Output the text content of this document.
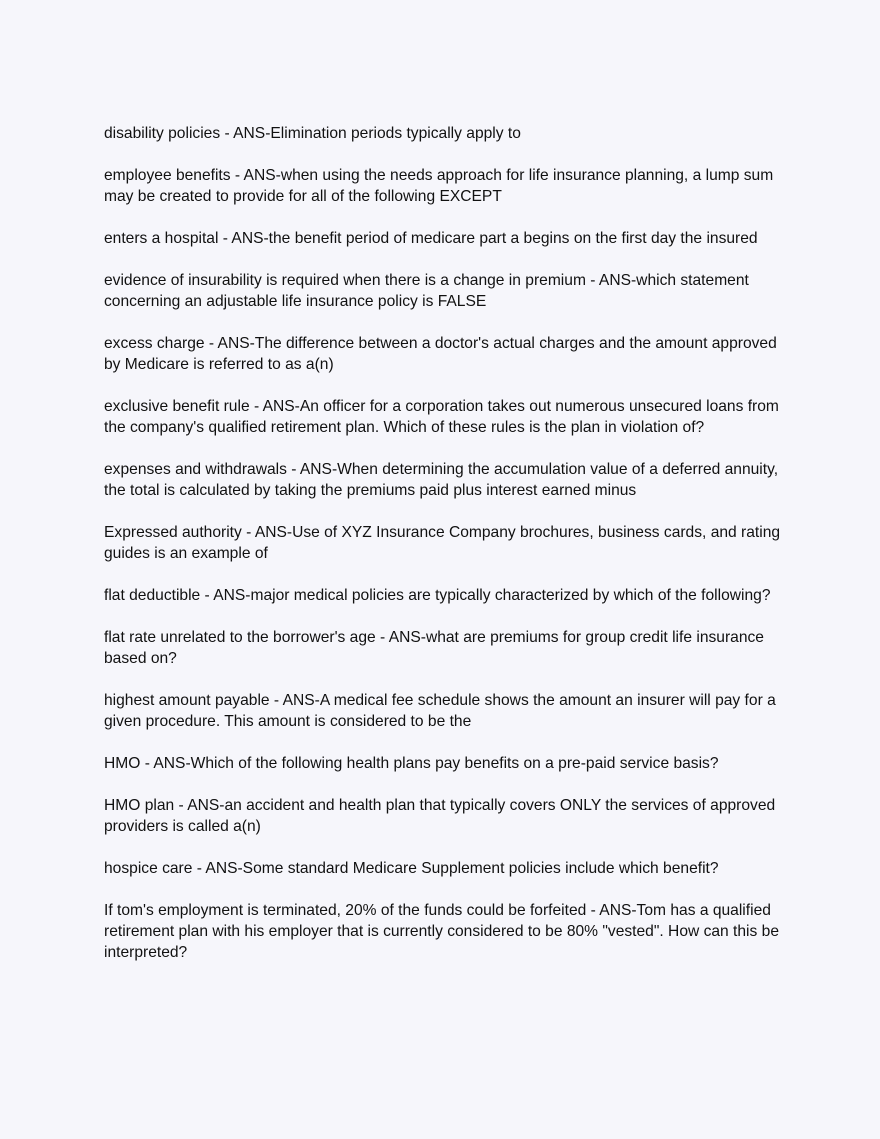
disability policies - ANS-Elimination periods typically apply to

employee benefits - ANS-when using the needs approach for life insurance planning, a lump sum may be created to provide for all of the following EXCEPT

enters a hospital - ANS-the benefit period of medicare part a begins on the first day the insured

evidence of insurability is required when there is a change in premium - ANS-which statement concerning an adjustable life insurance policy is FALSE

excess charge - ANS-The difference between a doctor's actual charges and the amount approved by Medicare is referred to as a(n)

exclusive benefit rule - ANS-An officer for a corporation takes out numerous unsecured loans from the company's qualified retirement plan. Which of these rules is the plan in violation of?

expenses and withdrawals - ANS-When determining the accumulation value of a deferred annuity, the total is calculated by taking the premiums paid plus interest earned minus

Expressed authority - ANS-Use of XYZ Insurance Company brochures, business cards, and rating guides is an example of

flat deductible - ANS-major medical policies are typically characterized by which of the following?

flat rate unrelated to the borrower's age - ANS-what are premiums for group credit life insurance based on?

highest amount payable - ANS-A medical fee schedule shows the amount an insurer will pay for a given procedure. This amount is considered to be the

HMO - ANS-Which of the following health plans pay benefits on a pre-paid service basis?

HMO plan - ANS-an accident and health plan that typically covers ONLY the services of approved providers is called a(n)

hospice care - ANS-Some standard Medicare Supplement policies include which benefit?

If tom's employment is terminated, 20% of the funds could be forfeited - ANS-Tom has a qualified retirement plan with his employer that is currently considered to be 80% "vested". How can this be interpreted?
